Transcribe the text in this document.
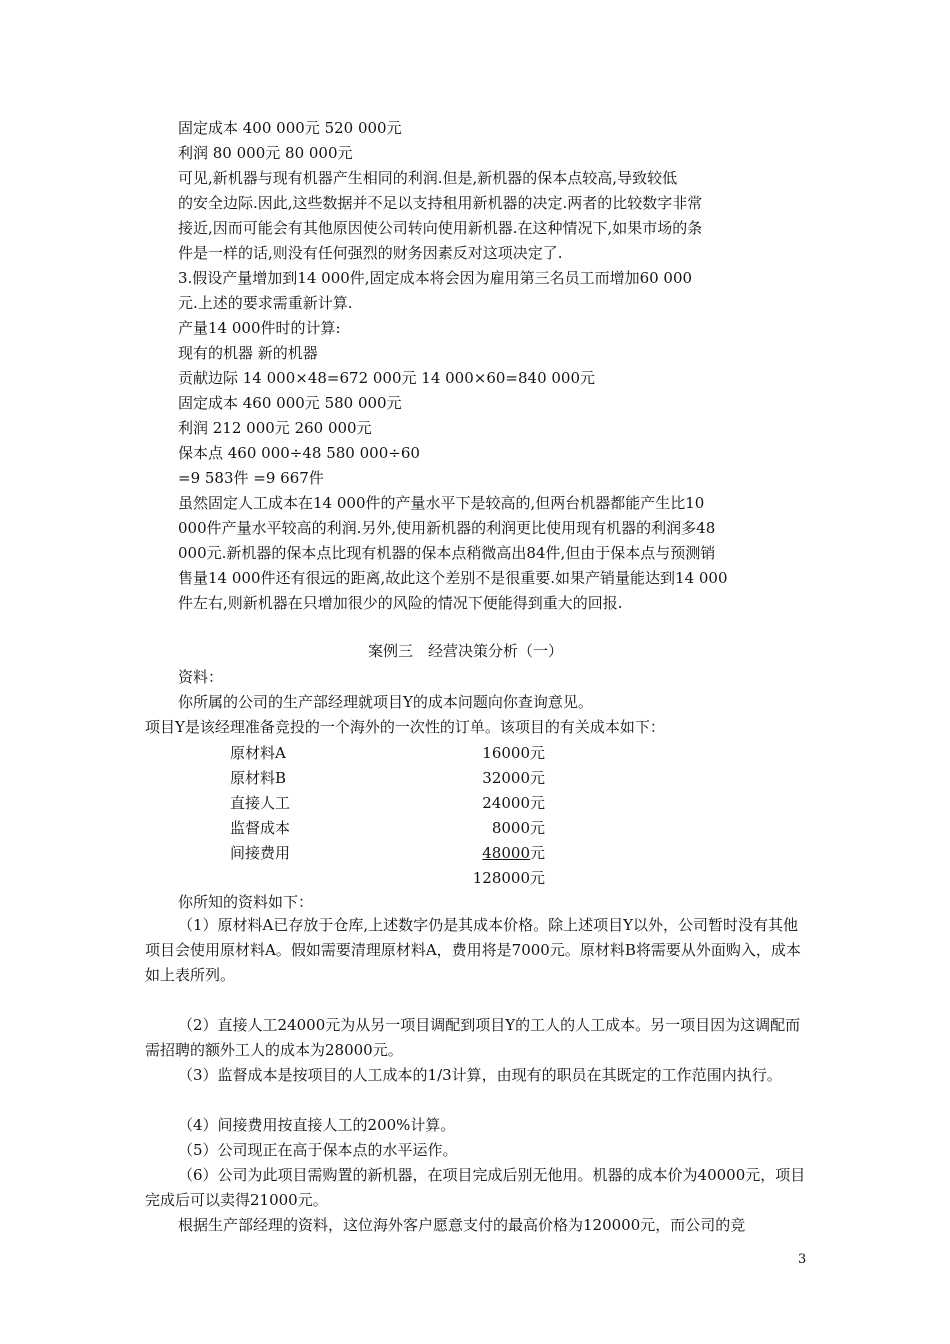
固定成本 400 000元 520 000元
利润 80 000元 80 000元
可见,新机器与现有机器产生相同的利润.但是,新机器的保本点较高,导致较低
的安全边际.因此,这些数据并不足以支持租用新机器的决定.两者的比较数字非常
接近,因而可能会有其他原因使公司转向使用新机器.在这种情况下,如果市场的条
件是一样的话,则没有任何强烈的财务因素反对这项决定了.
3.假设产量增加到14 000件,固定成本将会因为雇用第三名员工而增加60 000
元.上述的要求需重新计算.
产量14 000件时的计算:
现有的机器 新的机器
贡献边际 14 000×48=672 000元 14 000×60=840 000元
固定成本 460 000元 580 000元
利润 212 000元 260 000元
保本点 460 000÷48 580 000÷60
=9 583件 =9 667件
虽然固定人工成本在14 000件的产量水平下是较高的,但两台机器都能产生比10
000件产量水平较高的利润.另外,使用新机器的利润更比使用现有机器的利润多48
000元.新机器的保本点比现有机器的保本点稍微高出84件,但由于保本点与预测销
售量14 000件还有很远的距离,故此这个差别不是很重要.如果产销量能达到14 000
件左右,则新机器在只增加很少的风险的情况下便能得到重大的回报.
案例三　经营决策分析（一）
资料：
你所属的公司的生产部经理就项目Y的成本问题向你查询意见。
项目Y是该经理准备竞投的一个海外的一次性的订单。该项目的有关成本如下：
原材料A	16000元
原材料B	32000元
直接人工	24000元
监督成本	8000元
间接费用	48000元
128000元
你所知的资料如下：
（1）原材料A已存放于仓库,上述数字仍是其成本价格。除上述项目Y以外，公司暂时没有其他项目会使用原材料A。假如需要清理原材料A，费用将是7000元。原材料B将需要从外面购入，成本如上表所列。
（2）直接人工24000元为从另一项目调配到项目Y的工人的人工成本。另一项目因为这调配而需招聘的额外工人的成本为28000元。
（3）监督成本是按项目的人工成本的1/3计算，由现有的职员在其既定的工作范围内执行。
（4）间接费用按直接人工的200%计算。
（5）公司现正在高于保本点的水平运作。
（6）公司为此项目需购置的新机器，在项目完成后别无他用。机器的成本价为40000元，项目完成后可以卖得21000元。
根据生产部经理的资料，这位海外客户愿意支付的最高价格为120000元，而公司的竞
3
